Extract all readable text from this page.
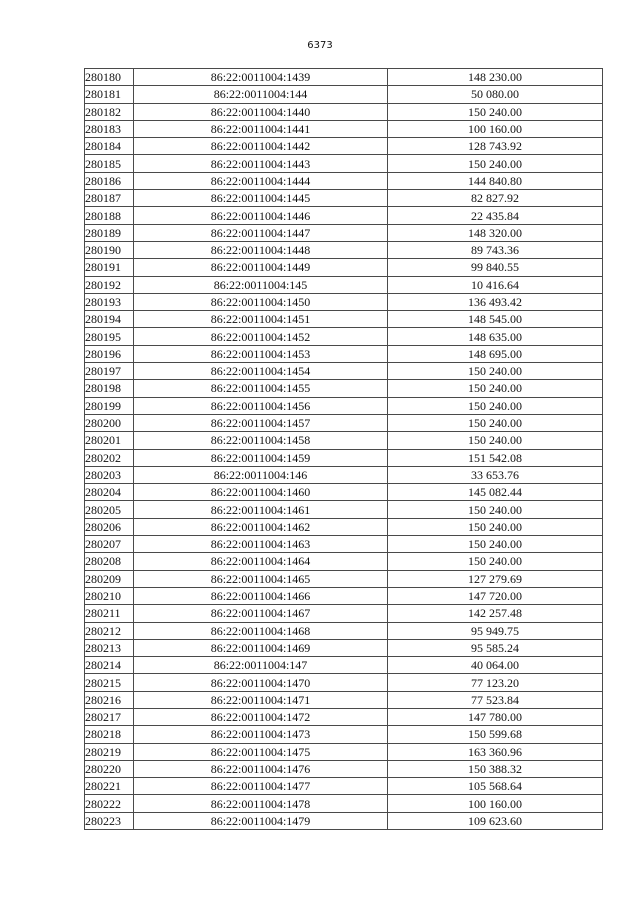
6373
280180	86:22:0011004:1439	148 230.00
280181	86:22:0011004:144	50 080.00
280182	86:22:0011004:1440	150 240.00
280183	86:22:0011004:1441	100 160.00
280184	86:22:0011004:1442	128 743.92
280185	86:22:0011004:1443	150 240.00
280186	86:22:0011004:1444	144 840.80
280187	86:22:0011004:1445	82 827.92
280188	86:22:0011004:1446	22 435.84
280189	86:22:0011004:1447	148 320.00
280190	86:22:0011004:1448	89 743.36
280191	86:22:0011004:1449	99 840.55
280192	86:22:0011004:145	10 416.64
280193	86:22:0011004:1450	136 493.42
280194	86:22:0011004:1451	148 545.00
280195	86:22:0011004:1452	148 635.00
280196	86:22:0011004:1453	148 695.00
280197	86:22:0011004:1454	150 240.00
280198	86:22:0011004:1455	150 240.00
280199	86:22:0011004:1456	150 240.00
280200	86:22:0011004:1457	150 240.00
280201	86:22:0011004:1458	150 240.00
280202	86:22:0011004:1459	151 542.08
280203	86:22:0011004:146	33 653.76
280204	86:22:0011004:1460	145 082.44
280205	86:22:0011004:1461	150 240.00
280206	86:22:0011004:1462	150 240.00
280207	86:22:0011004:1463	150 240.00
280208	86:22:0011004:1464	150 240.00
280209	86:22:0011004:1465	127 279.69
280210	86:22:0011004:1466	147 720.00
280211	86:22:0011004:1467	142 257.48
280212	86:22:0011004:1468	95 949.75
280213	86:22:0011004:1469	95 585.24
280214	86:22:0011004:147	40 064.00
280215	86:22:0011004:1470	77 123.20
280216	86:22:0011004:1471	77 523.84
280217	86:22:0011004:1472	147 780.00
280218	86:22:0011004:1473	150 599.68
280219	86:22:0011004:1475	163 360.96
280220	86:22:0011004:1476	150 388.32
280221	86:22:0011004:1477	105 568.64
280222	86:22:0011004:1478	100 160.00
280223	86:22:0011004:1479	109 623.60
